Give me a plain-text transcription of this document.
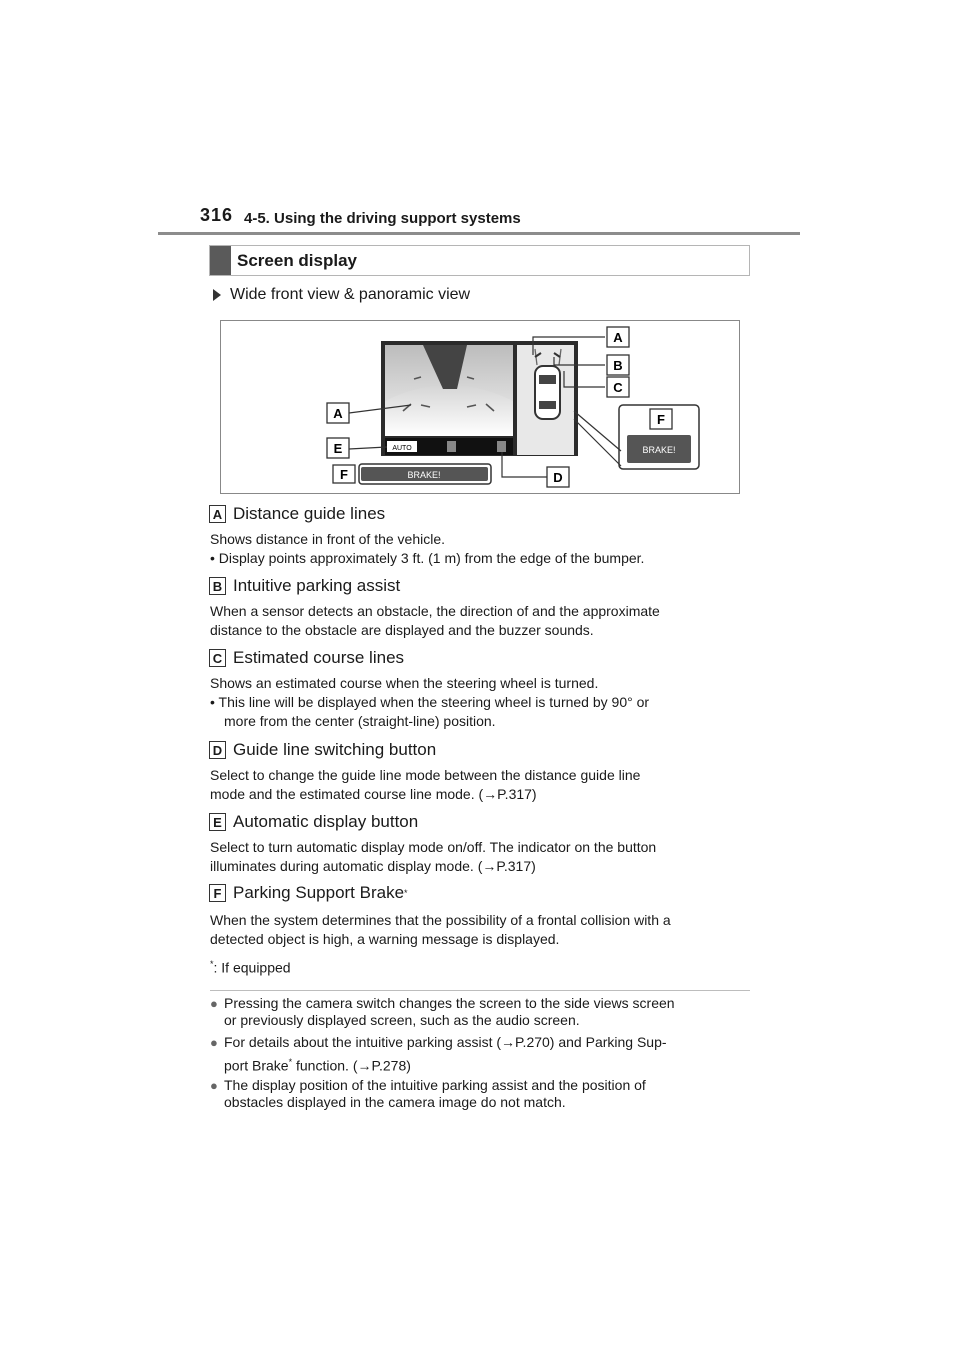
316 4-5. Using the driving support systems
Screen display
Wide front view & panoramic view
AUTO
BRAKE!
BRAKE!
A
B
C
A
E
F	D
F
A Distance guide lines
Shows distance in front of the vehicle.
• Display points approximately 3 ft. (1 m) from the edge of the bumper.
B Intuitive parking assist
When a sensor detects an obstacle, the direction of and the approximate
distance to the obstacle are displayed and the buzzer sounds.
C Estimated course lines
Shows an estimated course when the steering wheel is turned.
• This line will be displayed when the steering wheel is turned by 90° or
more from the center (straight-line) position.
D Guide line switching button
Select to change the guide line mode between the distance guide line
mode and the estimated course line mode. (→P.317)
E Automatic display button
Select to turn automatic display mode on/off. The indicator on the button
illuminates during automatic display mode. (→P.317)
F Parking Support Brake *
When the system determines that the possibility of a frontal collision with a
detected object is high, a warning message is displayed.
*: If equipped
● Pressing the camera switch changes the screen to the side views screen
or previously displayed screen, such as the audio screen.
● For details about the intuitive parking assist (→P.270) and Parking Sup-
port Brake* function. (→P.278)
● The display position of the intuitive parking assist and the position of
obstacles displayed in the camera image do not match.
